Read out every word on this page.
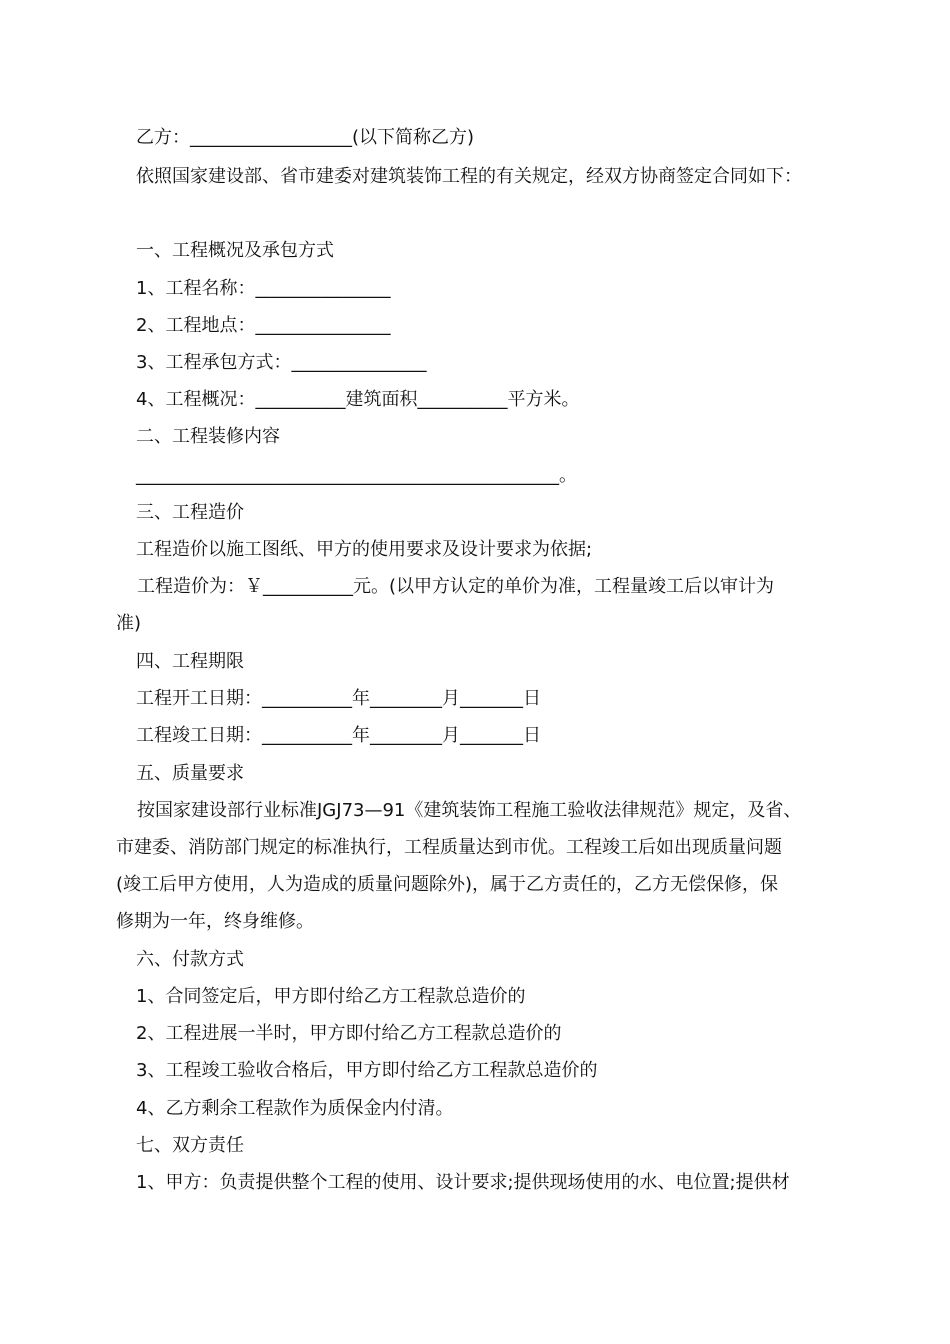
乙方：__________________(以下简称乙方)
依照国家建设部、省市建委对建筑装饰工程的有关规定，经双方协商签定合同如下：
一、工程概况及承包方式
1、工程名称：_______________
2、工程地点：_______________
3、工程承包方式：_______________
4、工程概况：__________建筑面积__________平方米。
二、工程装修内容
_______________________________________________。
三、工程造价
工程造价以施工图纸、甲方的使用要求及设计要求为依据;
工程造价为：￥__________元。(以甲方认定的单价为准，工程量竣工后以审计为
准)
四、工程期限
工程开工日期：__________年________月_______日
工程竣工日期：__________年________月_______日
五、质量要求
按国家建设部行业标准JGJ73—91《建筑装饰工程施工验收法律规范》规定，及省、
市建委、消防部门规定的标准执行，工程质量达到市优。工程竣工后如出现质量问题
(竣工后甲方使用，人为造成的质量问题除外)，属于乙方责任的，乙方无偿保修，保
修期为一年，终身维修。
六、付款方式
1、合同签定后，甲方即付给乙方工程款总造价的
2、工程进展一半时，甲方即付给乙方工程款总造价的
3、工程竣工验收合格后，甲方即付给乙方工程款总造价的
4、乙方剩余工程款作为质保金内付清。
七、双方责任
1、甲方：负责提供整个工程的使用、设计要求;提供现场使用的水、电位置;提供材
